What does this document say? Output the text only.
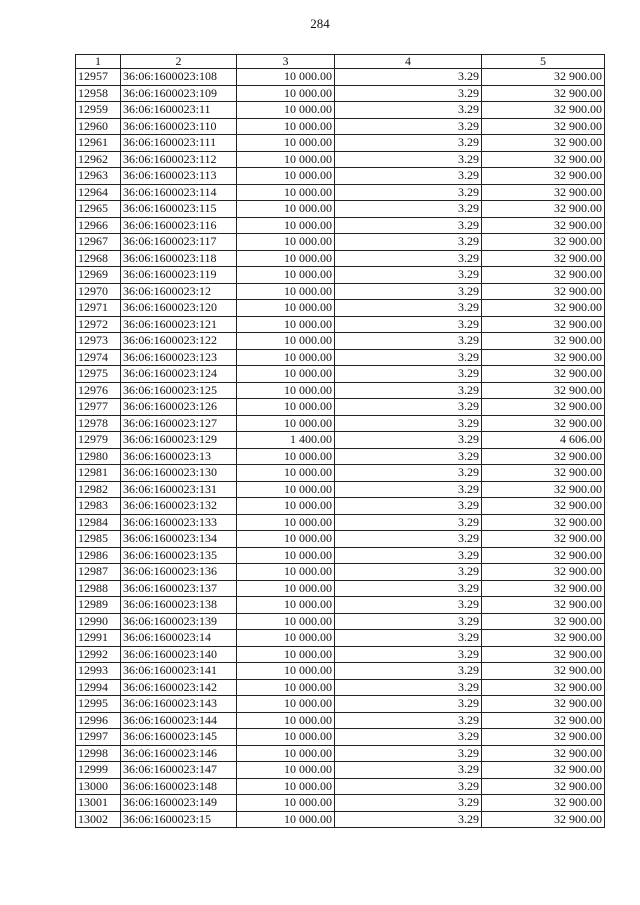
284
1	2	3	4	5
12957	36:06:1600023:108	10 000.00	3.29	32 900.00
12958	36:06:1600023:109	10 000.00	3.29	32 900.00
12959	36:06:1600023:11	10 000.00	3.29	32 900.00
12960	36:06:1600023:110	10 000.00	3.29	32 900.00
12961	36:06:1600023:111	10 000.00	3.29	32 900.00
12962	36:06:1600023:112	10 000.00	3.29	32 900.00
12963	36:06:1600023:113	10 000.00	3.29	32 900.00
12964	36:06:1600023:114	10 000.00	3.29	32 900.00
12965	36:06:1600023:115	10 000.00	3.29	32 900.00
12966	36:06:1600023:116	10 000.00	3.29	32 900.00
12967	36:06:1600023:117	10 000.00	3.29	32 900.00
12968	36:06:1600023:118	10 000.00	3.29	32 900.00
12969	36:06:1600023:119	10 000.00	3.29	32 900.00
12970	36:06:1600023:12	10 000.00	3.29	32 900.00
12971	36:06:1600023:120	10 000.00	3.29	32 900.00
12972	36:06:1600023:121	10 000.00	3.29	32 900.00
12973	36:06:1600023:122	10 000.00	3.29	32 900.00
12974	36:06:1600023:123	10 000.00	3.29	32 900.00
12975	36:06:1600023:124	10 000.00	3.29	32 900.00
12976	36:06:1600023:125	10 000.00	3.29	32 900.00
12977	36:06:1600023:126	10 000.00	3.29	32 900.00
12978	36:06:1600023:127	10 000.00	3.29	32 900.00
12979	36:06:1600023:129	1 400.00	3.29	4 606.00
12980	36:06:1600023:13	10 000.00	3.29	32 900.00
12981	36:06:1600023:130	10 000.00	3.29	32 900.00
12982	36:06:1600023:131	10 000.00	3.29	32 900.00
12983	36:06:1600023:132	10 000.00	3.29	32 900.00
12984	36:06:1600023:133	10 000.00	3.29	32 900.00
12985	36:06:1600023:134	10 000.00	3.29	32 900.00
12986	36:06:1600023:135	10 000.00	3.29	32 900.00
12987	36:06:1600023:136	10 000.00	3.29	32 900.00
12988	36:06:1600023:137	10 000.00	3.29	32 900.00
12989	36:06:1600023:138	10 000.00	3.29	32 900.00
12990	36:06:1600023:139	10 000.00	3.29	32 900.00
12991	36:06:1600023:14	10 000.00	3.29	32 900.00
12992	36:06:1600023:140	10 000.00	3.29	32 900.00
12993	36:06:1600023:141	10 000.00	3.29	32 900.00
12994	36:06:1600023:142	10 000.00	3.29	32 900.00
12995	36:06:1600023:143	10 000.00	3.29	32 900.00
12996	36:06:1600023:144	10 000.00	3.29	32 900.00
12997	36:06:1600023:145	10 000.00	3.29	32 900.00
12998	36:06:1600023:146	10 000.00	3.29	32 900.00
12999	36:06:1600023:147	10 000.00	3.29	32 900.00
13000	36:06:1600023:148	10 000.00	3.29	32 900.00
13001	36:06:1600023:149	10 000.00	3.29	32 900.00
13002	36:06:1600023:15	10 000.00	3.29	32 900.00
